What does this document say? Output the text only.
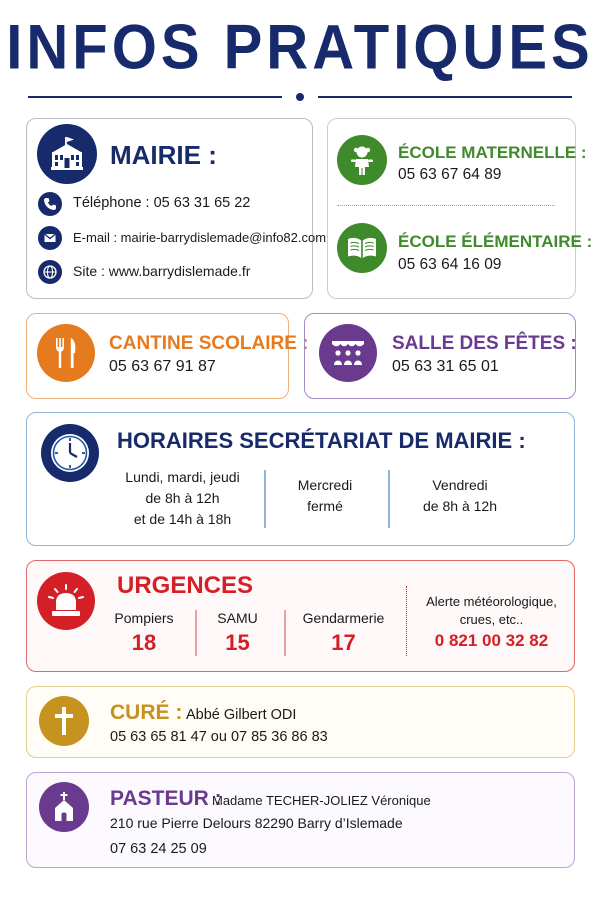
INFOS PRATIQUES
MAIRIE :
Téléphone : 05 63 31 65 22
E-mail : mairie-barrydislemade@info82.com
Site : www.barrydislemade.fr
ÉCOLE MATERNELLE :
05 63 67 64 89
ÉCOLE ÉLÉMENTAIRE :
05 63 64 16 09
CANTINE SCOLAIRE :
05 63 67 91 87
SALLE DES FÊTES :
05 63 31 65 01
HORAIRES SECRÉTARIAT DE MAIRIE :
Lundi, mardi, jeudi
de 8h à 12h
et de 14h à 18h
Mercredi
fermé
Vendredi
de 8h à 12h
URGENCES
Pompiers
18
SAMU
15
Gendarmerie
17
Alerte météorologique,
crues, etc..
0 821 00 32 82
CURÉ : Abbé Gilbert ODI
05 63 65 81 47 ou 07 85 36 86 83
PASTEUR :
Madame TECHER-JOLIEZ Véronique
210 rue Pierre Delours 82290 Barry d’Islemade
07 63 24 25 09
